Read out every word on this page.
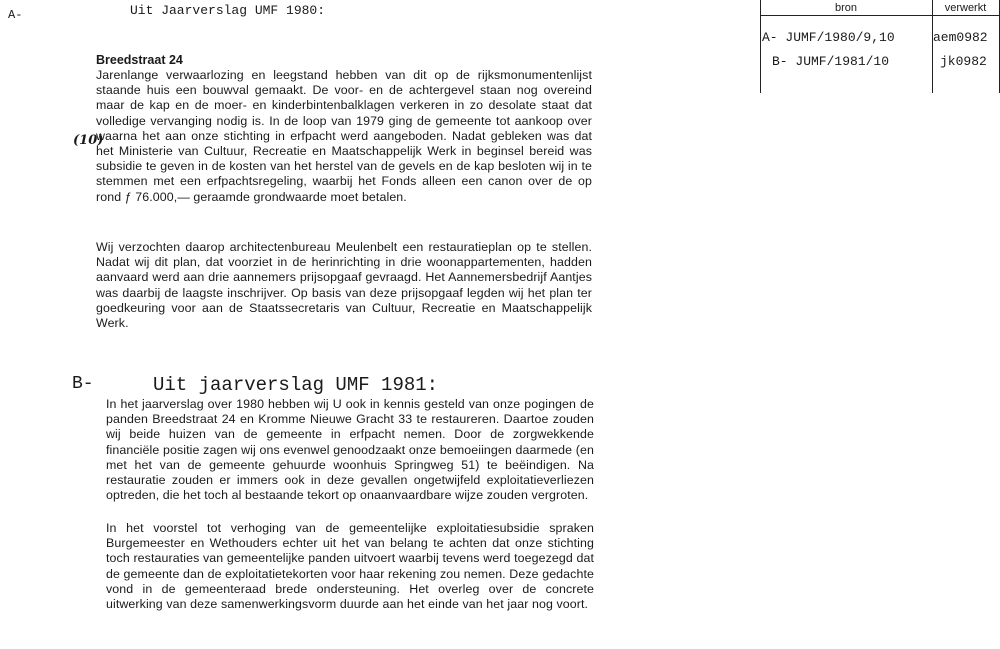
A-	Uit Jaarverslag UMF 1980:	bron	verwerkt
A- JUMF/1980/9,10	aem0982
B- JUMF/1981/10	jk0982
Breedstraat 24
(10)

Jarenlange verwaarlozing en leegstand hebben van dit op de rijksmonumentenlijst staande huis een bouwval gemaakt. De voor- en de achtergevel staan nog overeind maar de kap en de moer- en kinderbintenbalklagen verkeren in zo desolate staat dat volledige vervanging nodig is. In de loop van 1979 ging de gemeente tot aankoop over waarna het aan onze stichting in erfpacht werd aangeboden. Nadat gebleken was dat het Ministerie van Cultuur, Recreatie en Maatschappelijk Werk in beginsel bereid was subsidie te geven in de kosten van het herstel van de gevels en de kap besloten wij in te stemmen met een erfpachtsregeling, waarbij het Fonds alleen een canon over de op rond ƒ 76.000,— geraamde grondwaarde moet betalen.

Wij verzochten daarop architectenbureau Meulenbelt een restauratieplan op te stellen. Nadat wij dit plan, dat voorziet in de herinrichting in drie woonappartementen, hadden aanvaard werd aan drie aannemers prijsopgaaf gevraagd. Het Aannemersbedrijf Aantjes was daarbij de laagste inschrijver. Op basis van deze prijsopgaaf legden wij het plan ter goedkeuring voor aan de Staatssecretaris van Cultuur, Recreatie en Maatschappelijk Werk.

B-	Uit jaarverslag UMF 1981:

In het jaarverslag over 1980 hebben wij U ook in kennis gesteld van onze pogingen de panden Breedstraat 24 en Kromme Nieuwe Gracht 33 te restaureren. Daartoe zouden wij beide huizen van de gemeente in erfpacht nemen. Door de zorgwekkende financiële positie zagen wij ons evenwel genoodzaakt onze bemoeiingen daarmede (en met het van de gemeente gehuurde woonhuis Springweg 51) te beëindigen. Na restauratie zouden er immers ook in deze gevallen ongetwijfeld exploitatieverliezen optreden, die het toch al bestaande tekort op onaanvaardbare wijze zouden vergroten.

In het voorstel tot verhoging van de gemeentelijke exploitatiesubsidie spraken Burgemeester en Wethouders echter uit het van belang te achten dat onze stichting toch restauraties van gemeentelijke panden uitvoert waarbij tevens werd toegezegd dat de gemeente dan de exploitatietekorten voor haar rekening zou nemen. Deze gedachte vond in de gemeenteraad brede ondersteuning. Het overleg over de concrete uitwerking van deze samenwerkingsvorm duurde aan het einde van het jaar nog voort.
